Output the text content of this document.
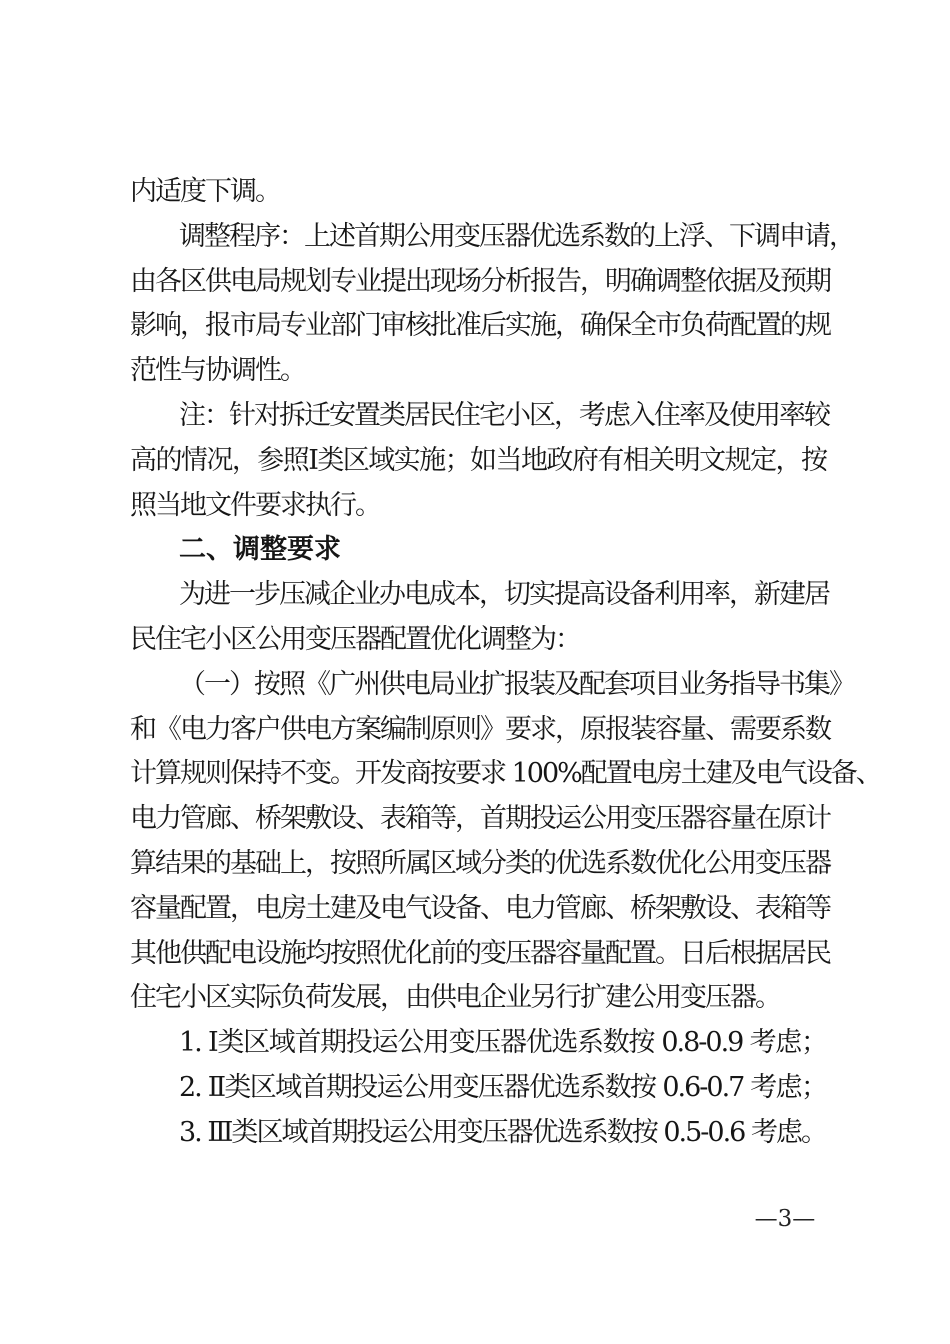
内适度下调。
调整程序：上述首期公用变压器优选系数的上浮、下调申请，
由各区供电局规划专业提出现场分析报告，明确调整依据及预期
影响，报市局专业部门审核批准后实施，确保全市负荷配置的规
范性与协调性。
注：针对拆迁安置类居民住宅小区，考虑入住率及使用率较
高的情况，参照Ⅰ类区域实施；如当地政府有相关明文规定，按
照当地文件要求执行。
二、调整要求
为进一步压减企业办电成本，切实提高设备利用率，新建居
民住宅小区公用变压器配置优化调整为：
（一）按照《广州供电局业扩报装及配套项目业务指导书集》
和《电力客户供电方案编制原则》要求，原报装容量、需要系数
计算规则保持不变。开发商按要求 100%配置电房土建及电气设备、
电力管廊、桥架敷设、表箱等，首期投运公用变压器容量在原计
算结果的基础上，按照所属区域分类的优选系数优化公用变压器
容量配置，电房土建及电气设备、电力管廊、桥架敷设、表箱等
其他供配电设施均按照优化前的变压器容量配置。日后根据居民
住宅小区实际负荷发展，由供电企业另行扩建公用变压器。
1. Ⅰ类区域首期投运公用变压器优选系数按 0.8-0.9 考虑；
2. Ⅱ类区域首期投运公用变压器优选系数按 0.6-0.7 考虑；
3. Ⅲ类区域首期投运公用变压器优选系数按 0.5-0.6 考虑。
—3—
